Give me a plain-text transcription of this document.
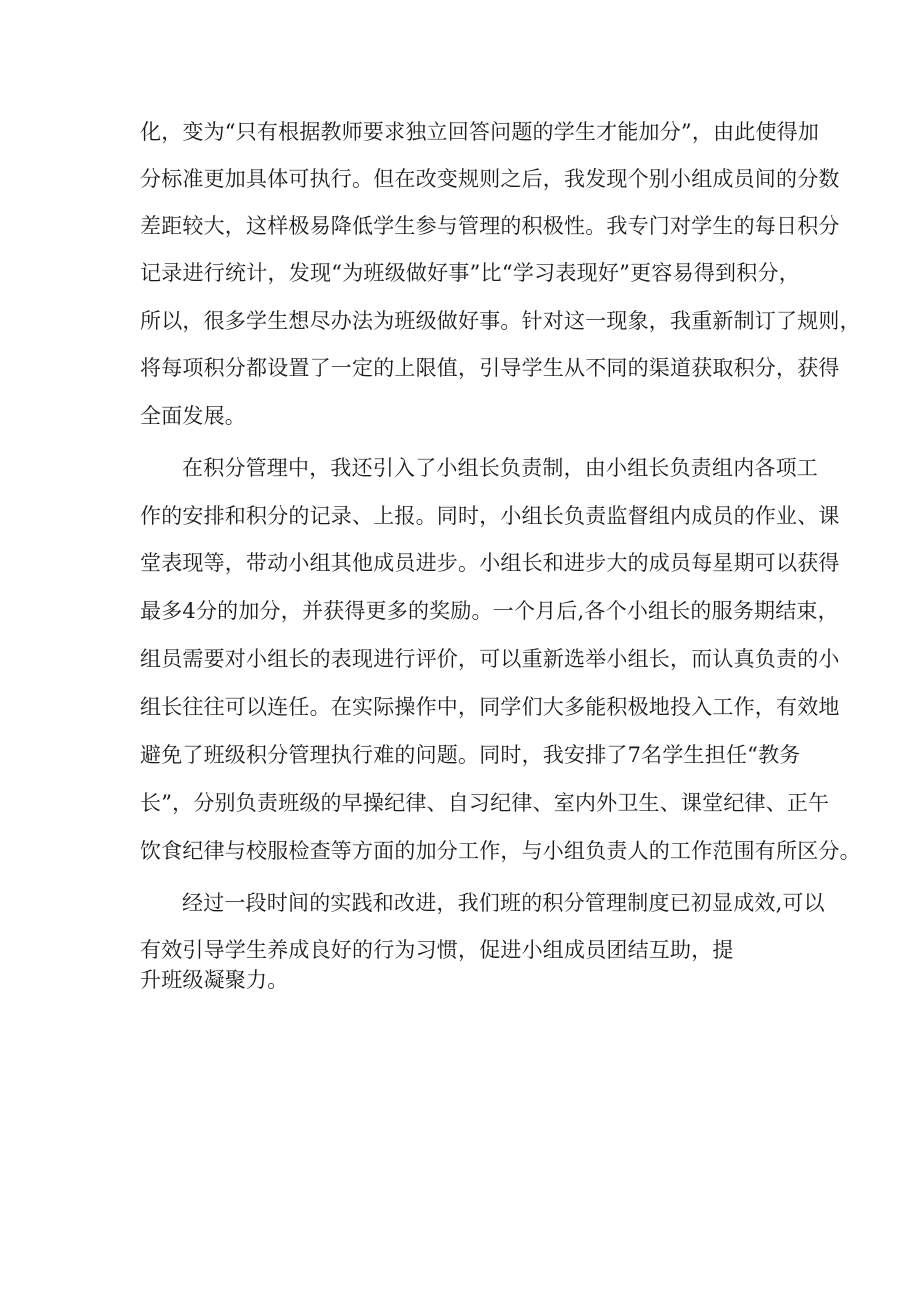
化，变为“只有根据教师要求独立回答问题的学生才能加分”，由此使得加
分标准更加具体可执行。但在改变规则之后，我发现个别小组成员间的分数
差距较大，这样极易降低学生参与管理的积极性。我专门对学生的每日积分
记录进行统计，发现“为班级做好事”比“学习表现好”更容易得到积分，
所以，很多学生想尽办法为班级做好事。针对这一现象，我重新制订了规则，
将每项积分都设置了一定的上限值，引导学生从不同的渠道获取积分，获得
全面发展。
在积分管理中，我还引入了小组长负责制，由小组长负责组内各项工
作的安排和积分的记录、上报。同时，小组长负责监督组内成员的作业、课
堂表现等，带动小组其他成员进步。小组长和进步大的成员每星期可以获得
最多4分的加分，并获得更多的奖励。一个月后,各个小组长的服务期结束，
组员需要对小组长的表现进行评价，可以重新选举小组长，而认真负责的小
组长往往可以连任。在实际操作中，同学们大多能积极地投入工作，有效地
避免了班级积分管理执行难的问题。同时，我安排了7名学生担任“教务
长”，分别负责班级的早操纪律、自习纪律、室内外卫生、课堂纪律、正午
饮食纪律与校服检查等方面的加分工作，与小组负责人的工作范围有所区分。
经过一段时间的实践和改进，我们班的积分管理制度已初显成效,可以
有效引导学生养成良好的行为习惯，促进小组成员团结互助，提
升班级凝聚力。
